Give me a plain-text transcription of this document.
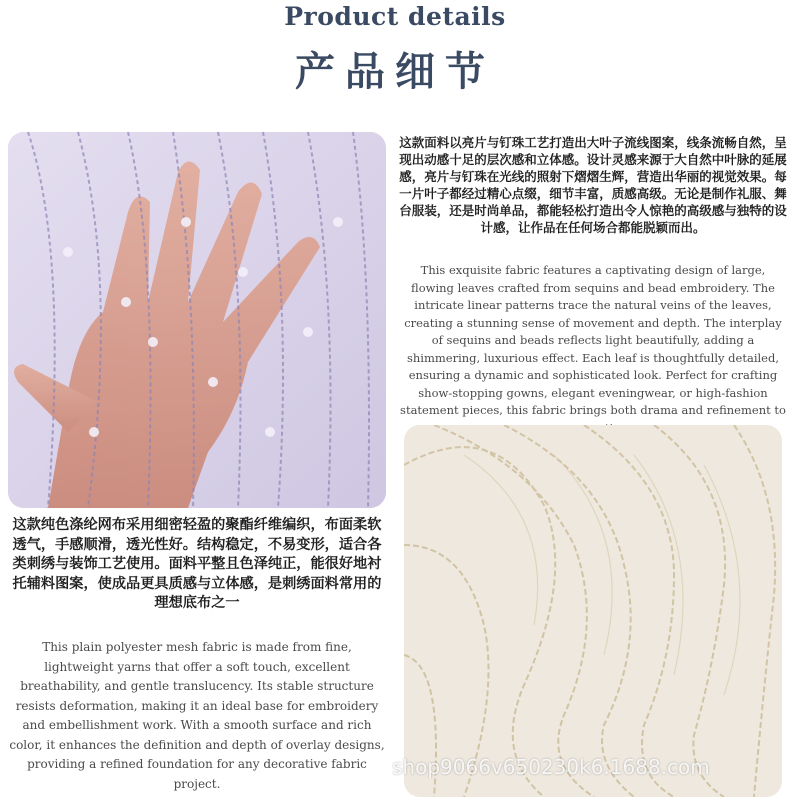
Product details
产品细节
这款面料以亮片与钉珠工艺打造出大叶子流线图案，线条流畅自然，呈现出动感十足的层次感和立体感。设计灵感来源于大自然中叶脉的延展感，亮片与钉珠在光线的照射下熠熠生辉，营造出华丽的视觉效果。每一片叶子都经过精心点缀，细节丰富，质感高级。无论是制作礼服、舞台服装，还是时尚单品，都能轻松打造出令人惊艳的高级感与独特的设计感，让作品在任何场合都能脱颖而出。
This exquisite fabric features a captivating design of large, flowing leaves crafted from sequins and bead embroidery. The intricate linear patterns trace the natural veins of the leaves, creating a stunning sense of movement and depth. The interplay of sequins and beads reflects light beautifully, adding a shimmering, luxurious effect. Each leaf is thoughtfully detailed, ensuring a dynamic and sophisticated look. Perfect for crafting show-stopping gowns, elegant eveningwear, or high-fashion statement pieces, this fabric brings both drama and refinement to
这款纯色涤纶网布采用细密轻盈的聚酯纤维编织，布面柔软透气，手感顺滑，透光性好。结构稳定，不易变形，适合各类刺绣与装饰工艺使用。面料平整且色泽纯正，能很好地衬托辅料图案，使成品更具质感与立体感，是刺绣面料常用的理想底布之一
This plain polyester mesh fabric is made from fine, lightweight yarns that offer a soft touch, excellent breathability, and gentle translucency. Its stable structure resists deformation, making it an ideal base for embroidery and embellishment work. With a smooth surface and rich color, it enhances the definition and depth of overlay designs, providing a refined foundation for any decorative fabric project.
shop9066v650230k6.1688.com
